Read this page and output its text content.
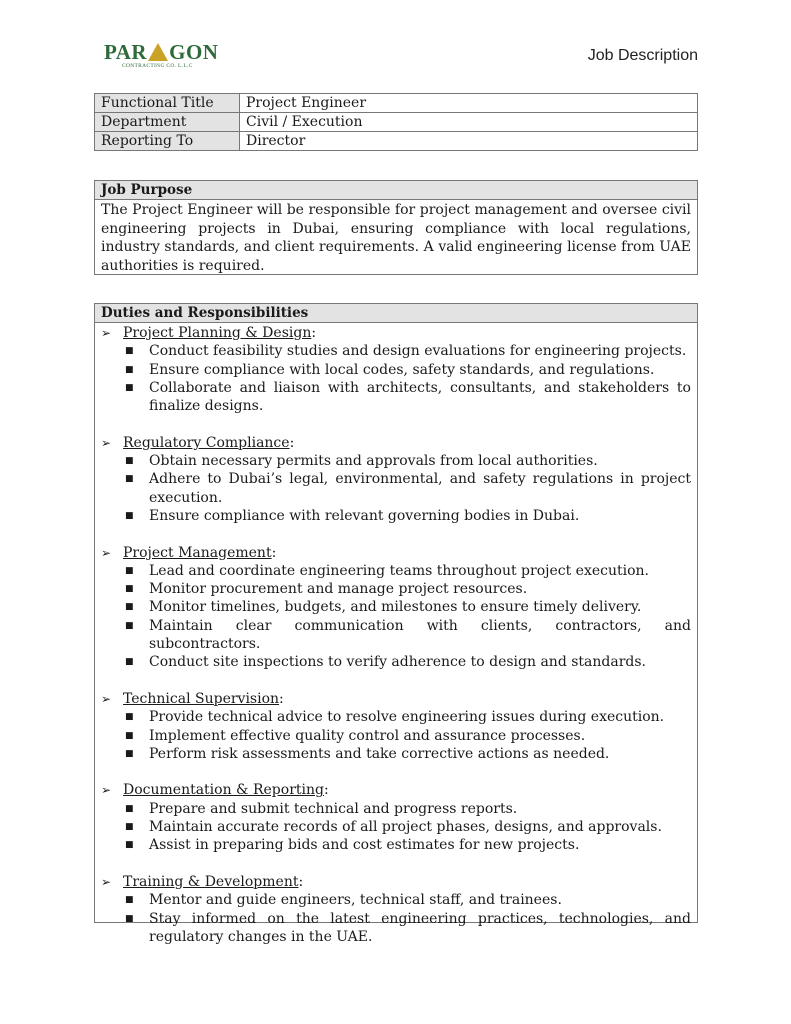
PAR GON
CONTRACTING CO. L.L.C
Job Description
Functional Title	Project Engineer
Department	Civil / Execution
Reporting To	Director
Job Purpose
The Project Engineer will be responsible for project management and oversee civil engineering projects in Dubai, ensuring compliance with local regulations, industry standards, and client requirements. A valid engineering license from UAE authorities is required.
Duties and Responsibilities
➢ Project Planning & Design :
■	Conduct feasibility studies and design evaluations for engineering projects.
■	Ensure compliance with local codes, safety standards, and regulations.
■	Collaborate and liaison with architects, consultants, and stakeholders to finalize designs.
➢ Regulatory Compliance :
■	Obtain necessary permits and approvals from local authorities.
■	Adhere to Dubai’s legal, environmental, and safety regulations in project execution.
■	Ensure compliance with relevant governing bodies in Dubai.
➢ Project Management :
■	Lead and coordinate engineering teams throughout project execution.
■	Monitor procurement and manage project resources.
■	Monitor timelines, budgets, and milestones to ensure timely delivery.
■	Maintain clear communication with clients, contractors, and subcontractors.
■	Conduct site inspections to verify adherence to design and standards.
➢ Technical Supervision :
■	Provide technical advice to resolve engineering issues during execution.
■	Implement effective quality control and assurance processes.
■	Perform risk assessments and take corrective actions as needed.
➢ Documentation & Reporting :
■	Prepare and submit technical and progress reports.
■	Maintain accurate records of all project phases, designs, and approvals.
■	Assist in preparing bids and cost estimates for new projects.
➢ Training & Development :
■	Mentor and guide engineers, technical staff, and trainees.
■	Stay informed on the latest engineering practices, technologies, and regulatory changes in the UAE.
